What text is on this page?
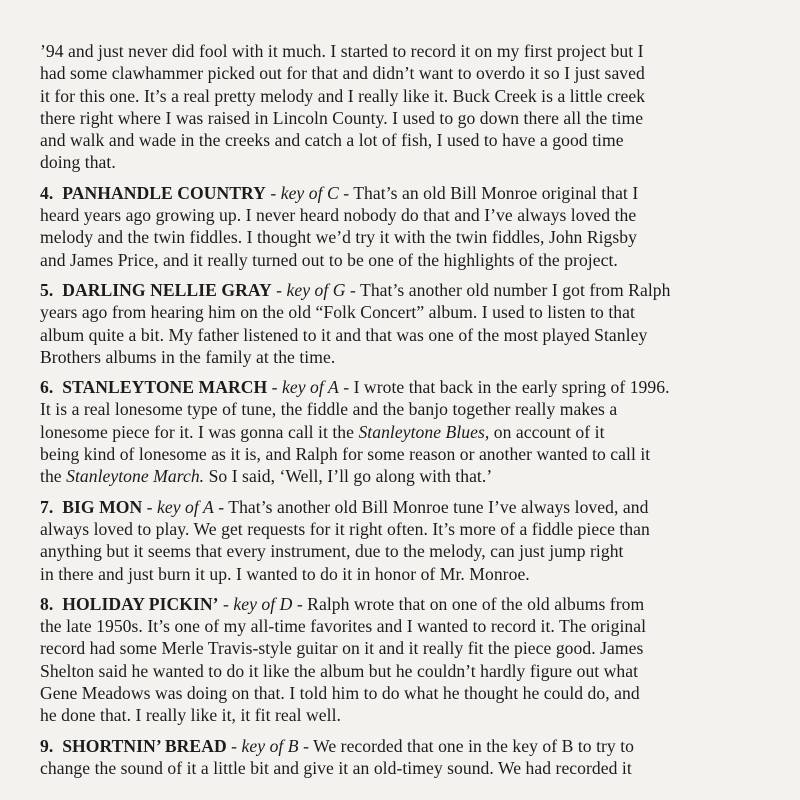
’94 and just never did fool with it much. I started to record it on my first project but I
had some clawhammer picked out for that and didn’t want to overdo it so I just saved
it for this one. It’s a real pretty melody and I really like it. Buck Creek is a little creek
there right where I was raised in Lincoln County. I used to go down there all the time
and walk and wade in the creeks and catch a lot of fish, I used to have a good time
doing that.

4. PANHANDLE COUNTRY - key of C - That’s an old Bill Monroe original that I
heard years ago growing up. I never heard nobody do that and I’ve always loved the
melody and the twin fiddles. I thought we’d try it with the twin fiddles, John Rigsby
and James Price, and it really turned out to be one of the highlights of the project.

5. DARLING NELLIE GRAY - key of G - That’s another old number I got from Ralph
years ago from hearing him on the old “Folk Concert” album. I used to listen to that
album quite a bit. My father listened to it and that was one of the most played Stanley
Brothers albums in the family at the time.

6. STANLEYTONE MARCH - key of A - I wrote that back in the early spring of 1996.
It is a real lonesome type of tune, the fiddle and the banjo together really makes a
lonesome piece for it. I was gonna call it the Stanleytone Blues, on account of it
being kind of lonesome as it is, and Ralph for some reason or another wanted to call it
the Stanleytone March. So I said, ‘Well, I’ll go along with that.’

7. BIG MON - key of A - That’s another old Bill Monroe tune I’ve always loved, and
always loved to play. We get requests for it right often. It’s more of a fiddle piece than
anything but it seems that every instrument, due to the melody, can just jump right
in there and just burn it up. I wanted to do it in honor of Mr. Monroe.

8. HOLIDAY PICKIN’ - key of D - Ralph wrote that on one of the old albums from
the late 1950s. It’s one of my all-time favorites and I wanted to record it. The original
record had some Merle Travis-style guitar on it and it really fit the piece good. James
Shelton said he wanted to do it like the album but he couldn’t hardly figure out what
Gene Meadows was doing on that. I told him to do what he thought he could do, and
he done that. I really like it, it fit real well.

9. SHORTNIN’ BREAD - key of B - We recorded that one in the key of B to try to
change the sound of it a little bit and give it an old-timey sound. We had recorded it
